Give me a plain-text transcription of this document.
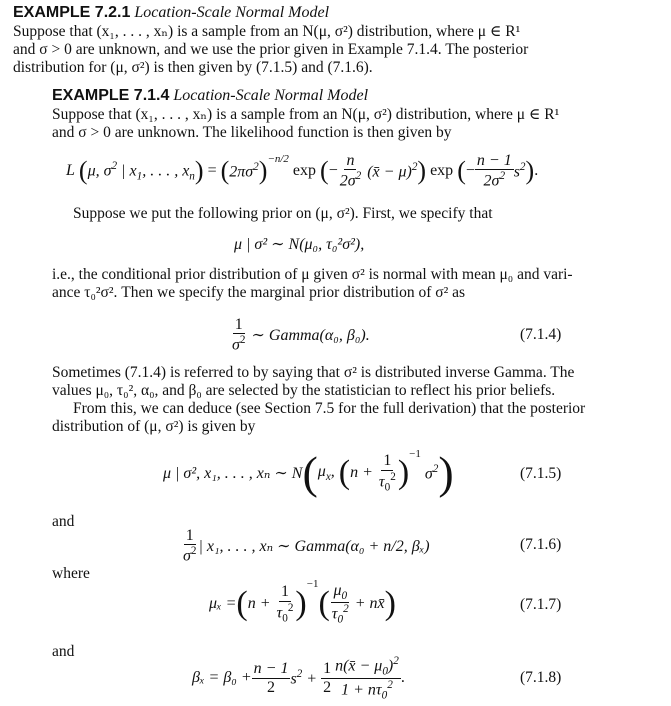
EXAMPLE 7.2.1 Location-Scale Normal Model
Suppose that (x₁, . . . , xₙ) is a sample from an N(μ, σ²) distribution, where μ ∈ R¹
and σ > 0 are unknown, and we use the prior given in Example 7.1.4. The posterior
distribution for (μ, σ²) is then given by (7.1.5) and (7.1.6).
EXAMPLE 7.1.4 Location-Scale Normal Model
Suppose that (x₁, . . . , xₙ) is a sample from an N(μ, σ²) distribution, where μ ∈ R¹
and σ > 0 are unknown. The likelihood function is then given by
L
( μ, $\sigma^2$ | $x_1$, . . . , $x_n$ ) = ( $2\pi\sigma^2$ )$^{-n/2}$
exp ( − $\frac{n}{2\sigma^2}$ (x̄ − μ)$^2$ ) exp ( − $\frac{n - 1}{2\sigma^2} s^2$ ) .
Suppose we put the following prior on (μ, σ²). First, we specify that
μ | σ² ∼ N(μ₀, τ₀²σ²),
i.e., the conditional prior distribution of μ given σ² is normal with mean μ₀ and vari-
ance τ₀²σ². Then we specify the marginal prior distribution of σ² as
$\frac{1}{\sigma^2}$
∼ Gamma(α₀, β₀).	(7.1.4)
Sometimes (7.1.4) is referred to by saying that σ² is distributed inverse Gamma. The
values μ₀, τ₀², α₀, and β₀ are selected by the statistician to reflect his prior beliefs.
From this, we can deduce (see Section 7.5 for the full derivation) that the posterior
distribution of (μ, σ²) is given by
μ | σ², x₁, . . . , xₙ ∼ N ( $\mu_x$, ( $n + \frac{1}{\tau_0^2} )^{-1}$
$\sigma^2$ )	(7.1.5)
and
$\frac{1}{\sigma^2}$ | x₁, . . . , xₙ ∼ Gamma(α₀ + n/2, βₓ)	(7.1.6)
where
μₓ = ( $n + \frac{1}{\tau_0^2}$ )
$^{-1}$
( $\frac{\mu_0}{\tau_0^2}$ + nx̄ )	(7.1.7)
and
$\beta_x = \beta_0 + \frac{n - 1}{2} s^2 + \frac{1}{2} \frac{n(x̄ - \mu_0)^2}{1 + n\tau_0^2}$ .	(7.1.8)
